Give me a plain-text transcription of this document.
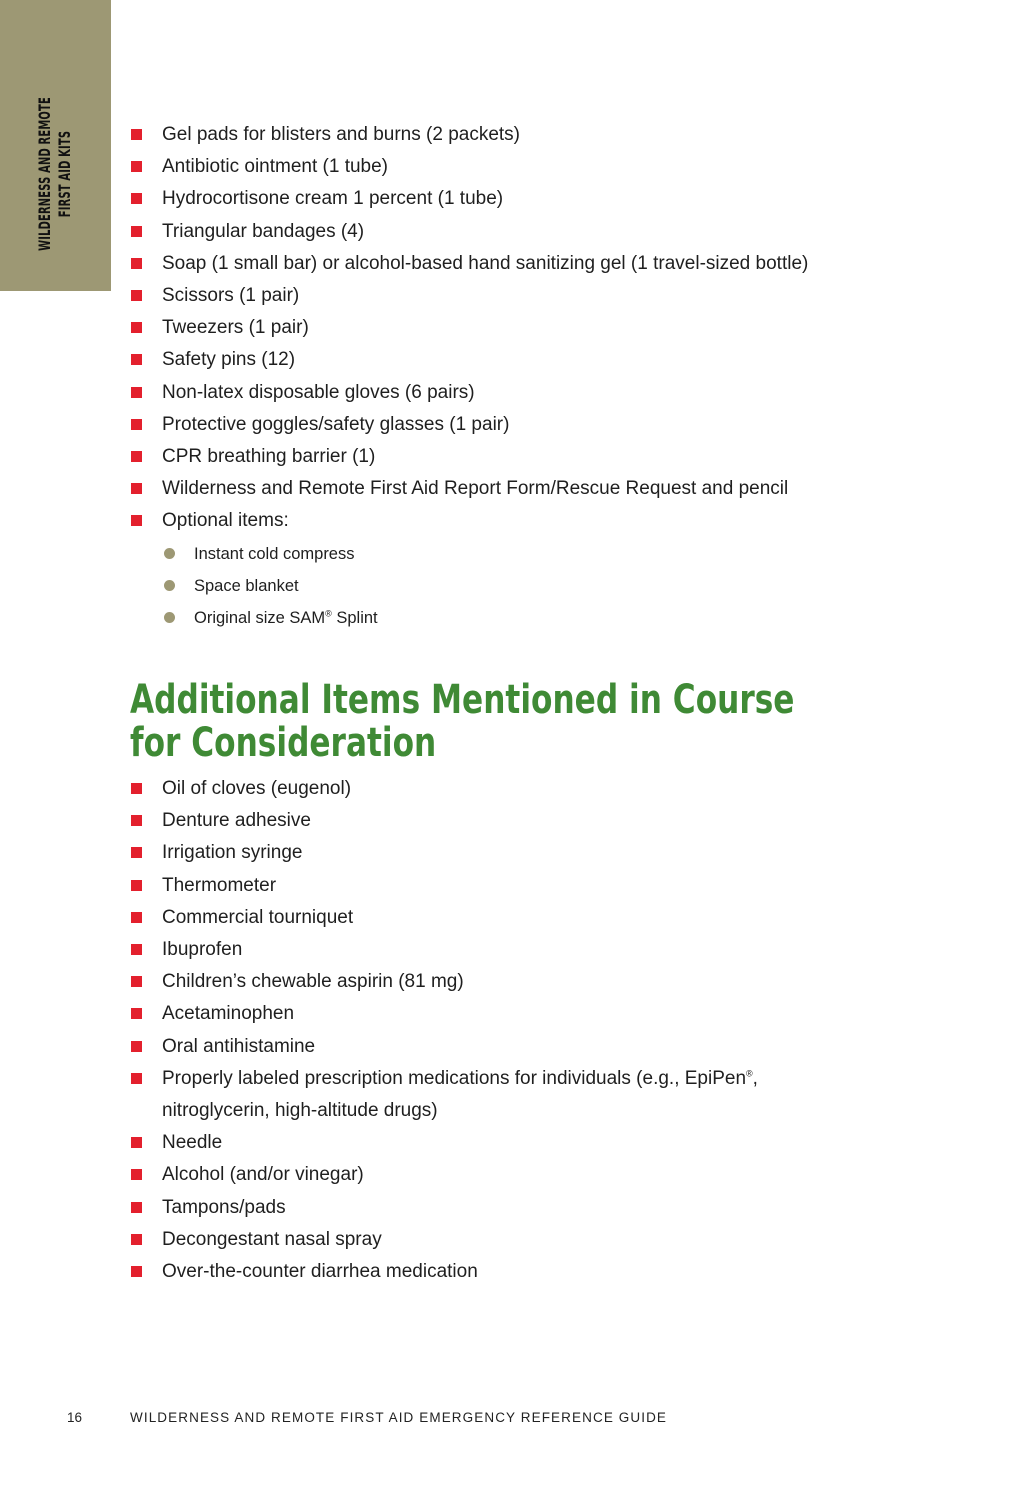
WILDERNESS AND REMOTE FIRST AID KITS	Gel pads for blisters and burns (2 packets)
Antibiotic ointment (1 tube)
Hydrocortisone cream 1 percent (1 tube)
Triangular bandages (4)
Soap (1 small bar) or alcohol-based hand sanitizing gel (1 travel-sized bottle)
Scissors (1 pair)
Tweezers (1 pair)
Safety pins (12)
Non-latex disposable gloves (6 pairs)
Protective goggles/safety glasses (1 pair)
CPR breathing barrier (1)
Wilderness and Remote First Aid Report Form/Rescue Request and pencil
Optional items:
Instant cold compress
Space blanket
Original size SAM® Splint
Additional Items Mentioned in Course
for Consideration
Oil of cloves (eugenol)
Denture adhesive
Irrigation syringe
Thermometer
Commercial tourniquet
Ibuprofen
Children’s chewable aspirin (81 mg)
Acetaminophen
Oral antihistamine
Properly labeled prescription medications for individuals (e.g., EpiPen®,
nitroglycerin, high-altitude drugs)
Needle
Alcohol (and/or vinegar)
Tampons/pads
Decongestant nasal spray
Over-the-counter diarrhea medication
16	WILDERNESS AND REMOTE FIRST AID EMERGENCY REFERENCE GUIDE
